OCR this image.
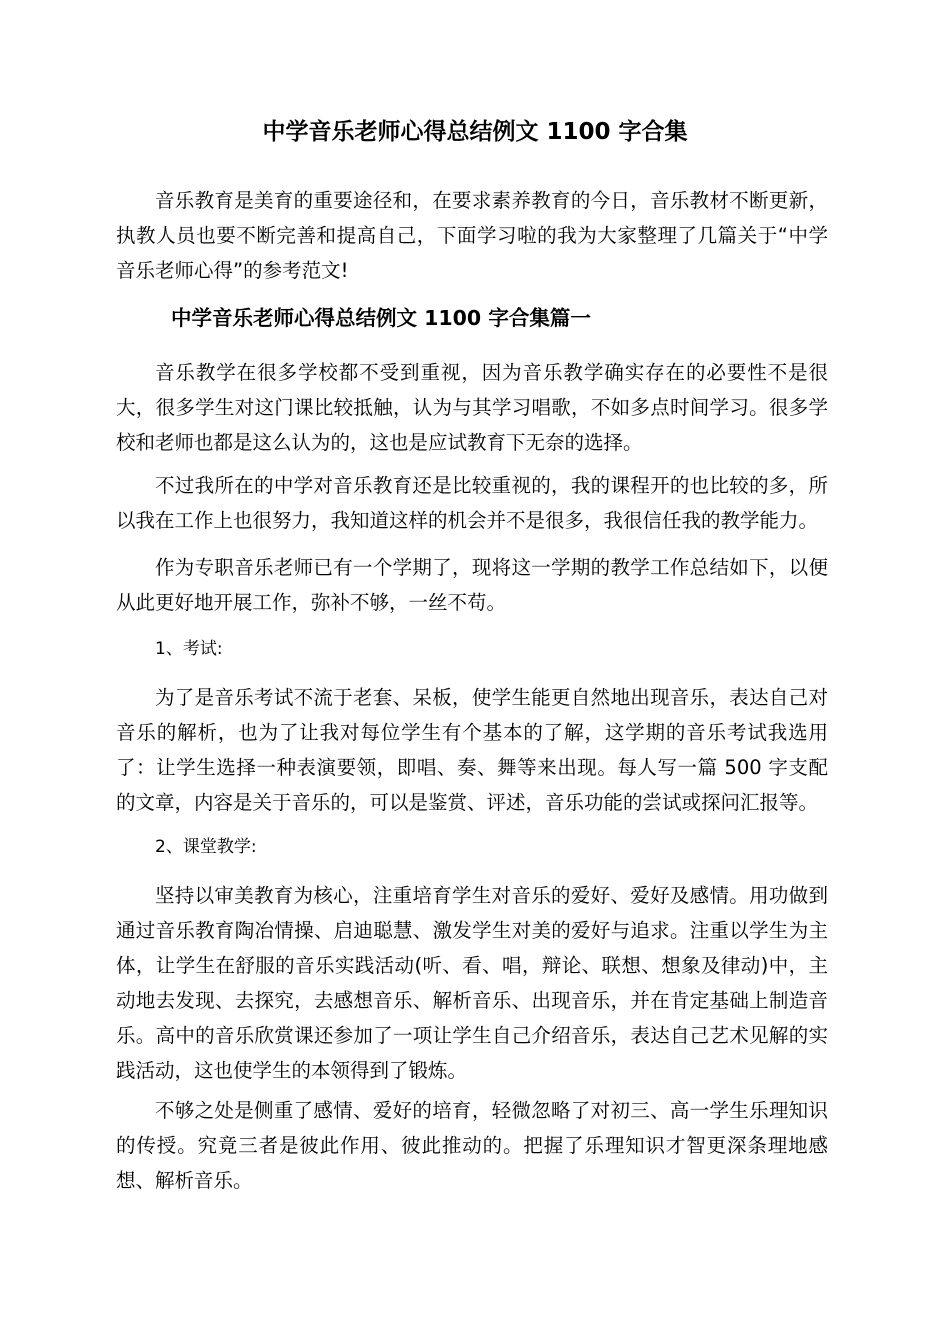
中学音乐老师心得总结例文 1100 字合集

音乐教育是美育的重要途径和，在要求素养教育的今日，音乐教材不断更新，执教人员也要不断完善和提高自己，下面学习啦的我为大家整理了几篇关于“中学音乐老师心得”的参考范文!

中学音乐老师心得总结例文 1100 字合集篇一

音乐教学在很多学校都不受到重视，因为音乐教学确实存在的必要性不是很大，很多学生对这门课比较抵触，认为与其学习唱歌，不如多点时间学习。很多学校和老师也都是这么认为的，这也是应试教育下无奈的选择。

不过我所在的中学对音乐教育还是比较重视的，我的课程开的也比较的多，所以我在工作上也很努力，我知道这样的机会并不是很多，我很信任我的教学能力。

作为专职音乐老师已有一个学期了，现将这一学期的教学工作总结如下，以便从此更好地开展工作，弥补不够，一丝不苟。

1、考试:

为了是音乐考试不流于老套、呆板，使学生能更自然地出现音乐，表达自己对音乐的解析，也为了让我对每位学生有个基本的了解，这学期的音乐考试我选用了：让学生选择一种表演要领，即唱、奏、舞等来出现。每人写一篇 500 字支配的文章，内容是关于音乐的，可以是鉴赏、评述，音乐功能的尝试或探问汇报等。

2、课堂教学:

坚持以审美教育为核心，注重培育学生对音乐的爱好、爱好及感情。用功做到通过音乐教育陶冶情操、启迪聪慧、激发学生对美的爱好与追求。注重以学生为主体，让学生在舒服的音乐实践活动(听、看、唱，辩论、联想、想象及律动)中，主动地去发现、去探究，去感想音乐、解析音乐、出现音乐，并在肯定基础上制造音乐。高中的音乐欣赏课还参加了一项让学生自己介绍音乐，表达自己艺术见解的实践活动，这也使学生的本领得到了锻炼。

不够之处是侧重了感情、爱好的培育，轻微忽略了对初三、高一学生乐理知识的传授。究竟三者是彼此作用、彼此推动的。把握了乐理知识才智更深条理地感想、解析音乐。
